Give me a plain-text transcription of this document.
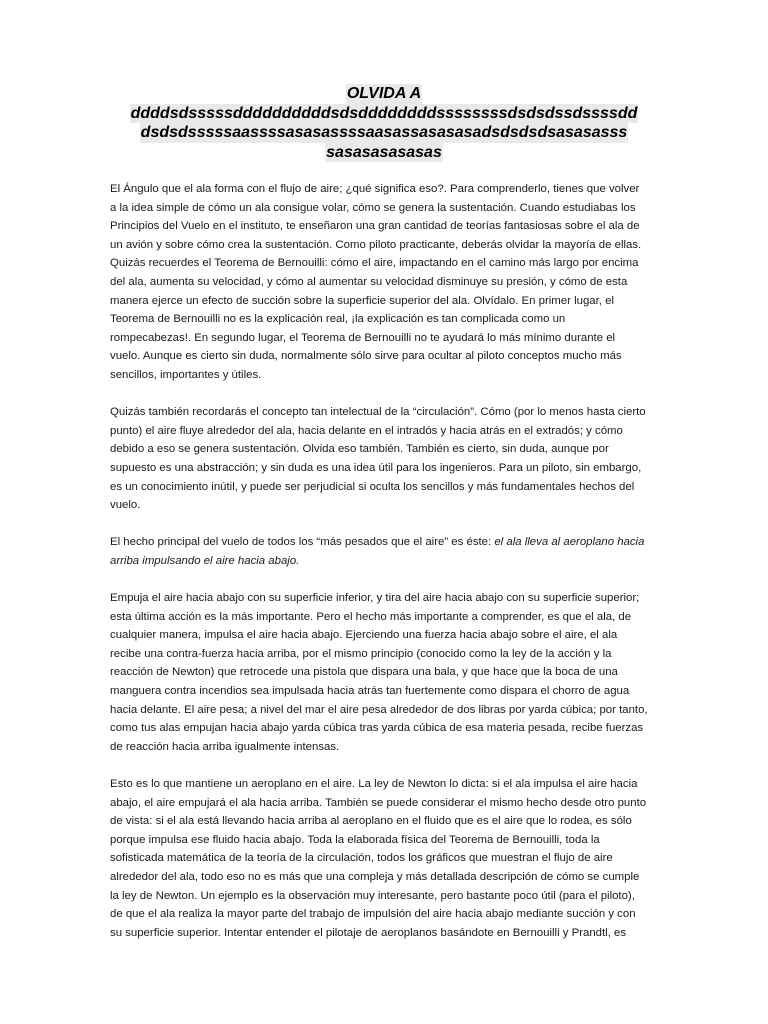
OLVIDA A
ddddsdsssssddddddddddsdsddddddddssssssssdsdsdssdssssdd
dsdsdsssssaassssasasassssaasassasasasadsdsdsdsasasasss
sasasasasasas
El Ángulo que el ala forma con el flujo de aire; ¿qué significa eso?. Para comprenderlo, tienes que volver
a la idea simple de cómo un ala consigue volar, cómo se genera la sustentación. Cuando estudiabas los
Principios del Vuelo en el instituto, te enseñaron una gran cantidad de teorías fantasiosas sobre el ala de
un avión y sobre cómo crea la sustentación. Como piloto practicante, deberás olvidar la mayoría de ellas.
Quizás recuerdes el Teorema de Bernouilli: cómo el aire, impactando en el camino más largo por encima
del ala, aumenta su velocidad, y cómo al aumentar su velocidad disminuye su presión, y cómo de esta
manera ejerce un efecto de succión sobre la superficie superior del ala. Olvídalo. En primer lugar, el
Teorema de Bernouilli no es la explicación real, ¡la explicación es tan complicada como un
rompecabezas!. En segundo lugar, el Teorema de Bernouilli no te ayudará lo más mínimo durante el
vuelo. Aunque es cierto sin duda, normalmente sólo sirve para ocultar al piloto conceptos mucho más
sencillos, importantes y útiles.
Quizás también recordarás el concepto tan intelectual de la “circulación”. Cómo (por lo menos hasta cierto
punto) el aire fluye alrededor del ala, hacia delante en el intradós y hacia atrás en el extradós; y cómo
debido a eso se genera sustentación. Olvida eso también. También es cierto, sin duda, aunque por
supuesto es una abstracción; y sin duda es una idea útil para los ingenieros. Para un piloto, sin embargo,
es un conocimiento inútil, y puede ser perjudicial si oculta los sencillos y más fundamentales hechos del
vuelo.
El hecho principal del vuelo de todos los “más pesados que el aire” es éste: el ala lleva al aeroplano hacia
arriba impulsando el aire hacia abajo.
Empuja el aire hacia abajo con su superficie inferior, y tira del aire hacia abajo con su superficie superior;
esta última acción es la más importante. Pero el hecho más importante a comprender, es que el ala, de
cualquier manera, impulsa el aire hacia abajo. Ejerciendo una fuerza hacia abajo sobre el aire, el ala
recibe una contra-fuerza hacia arriba, por el mismo principio (conocido como la ley de la acción y la
reacción de Newton) que retrocede una pistola que dispara una bala, y que hace que la boca de una
manguera contra incendios sea impulsada hacia atrás tan fuertemente como dispara el chorro de agua
hacia delante. El aire pesa; a nivel del mar el aire pesa alrededor de dos libras por yarda cúbica; por tanto,
como tus alas empujan hacia abajo yarda cúbica tras yarda cúbica de esa materia pesada, recibe fuerzas
de reacción hacia arriba igualmente intensas.
Esto es lo que mantiene un aeroplano en el aire. La ley de Newton lo dicta: si el ala impulsa el aire hacia
abajo, el aire empujará el ala hacia arriba. También se puede considerar el mismo hecho desde otro punto
de vista: si el ala está llevando hacia arriba al aeroplano en el fluido que es el aire que lo rodea, es sólo
porque impulsa ese fluido hacia abajo. Toda la elaborada física del Teorema de Bernouilli, toda la
sofisticada matemática de la teoría de la circulación, todos los gráficos que muestran el flujo de aire
alrededor del ala, todo eso no es más que una compleja y más detallada descripción de cómo se cumple
la ley de Newton. Un ejemplo es la observación muy interesante, pero bastante poco útil (para el piloto),
de que el ala realiza la mayor parte del trabajo de impulsión del aire hacia abajo mediante succión y con
su superficie superior. Intentar entender el pilotaje de aeroplanos basándote en Bernouilli y Prandtl, es
